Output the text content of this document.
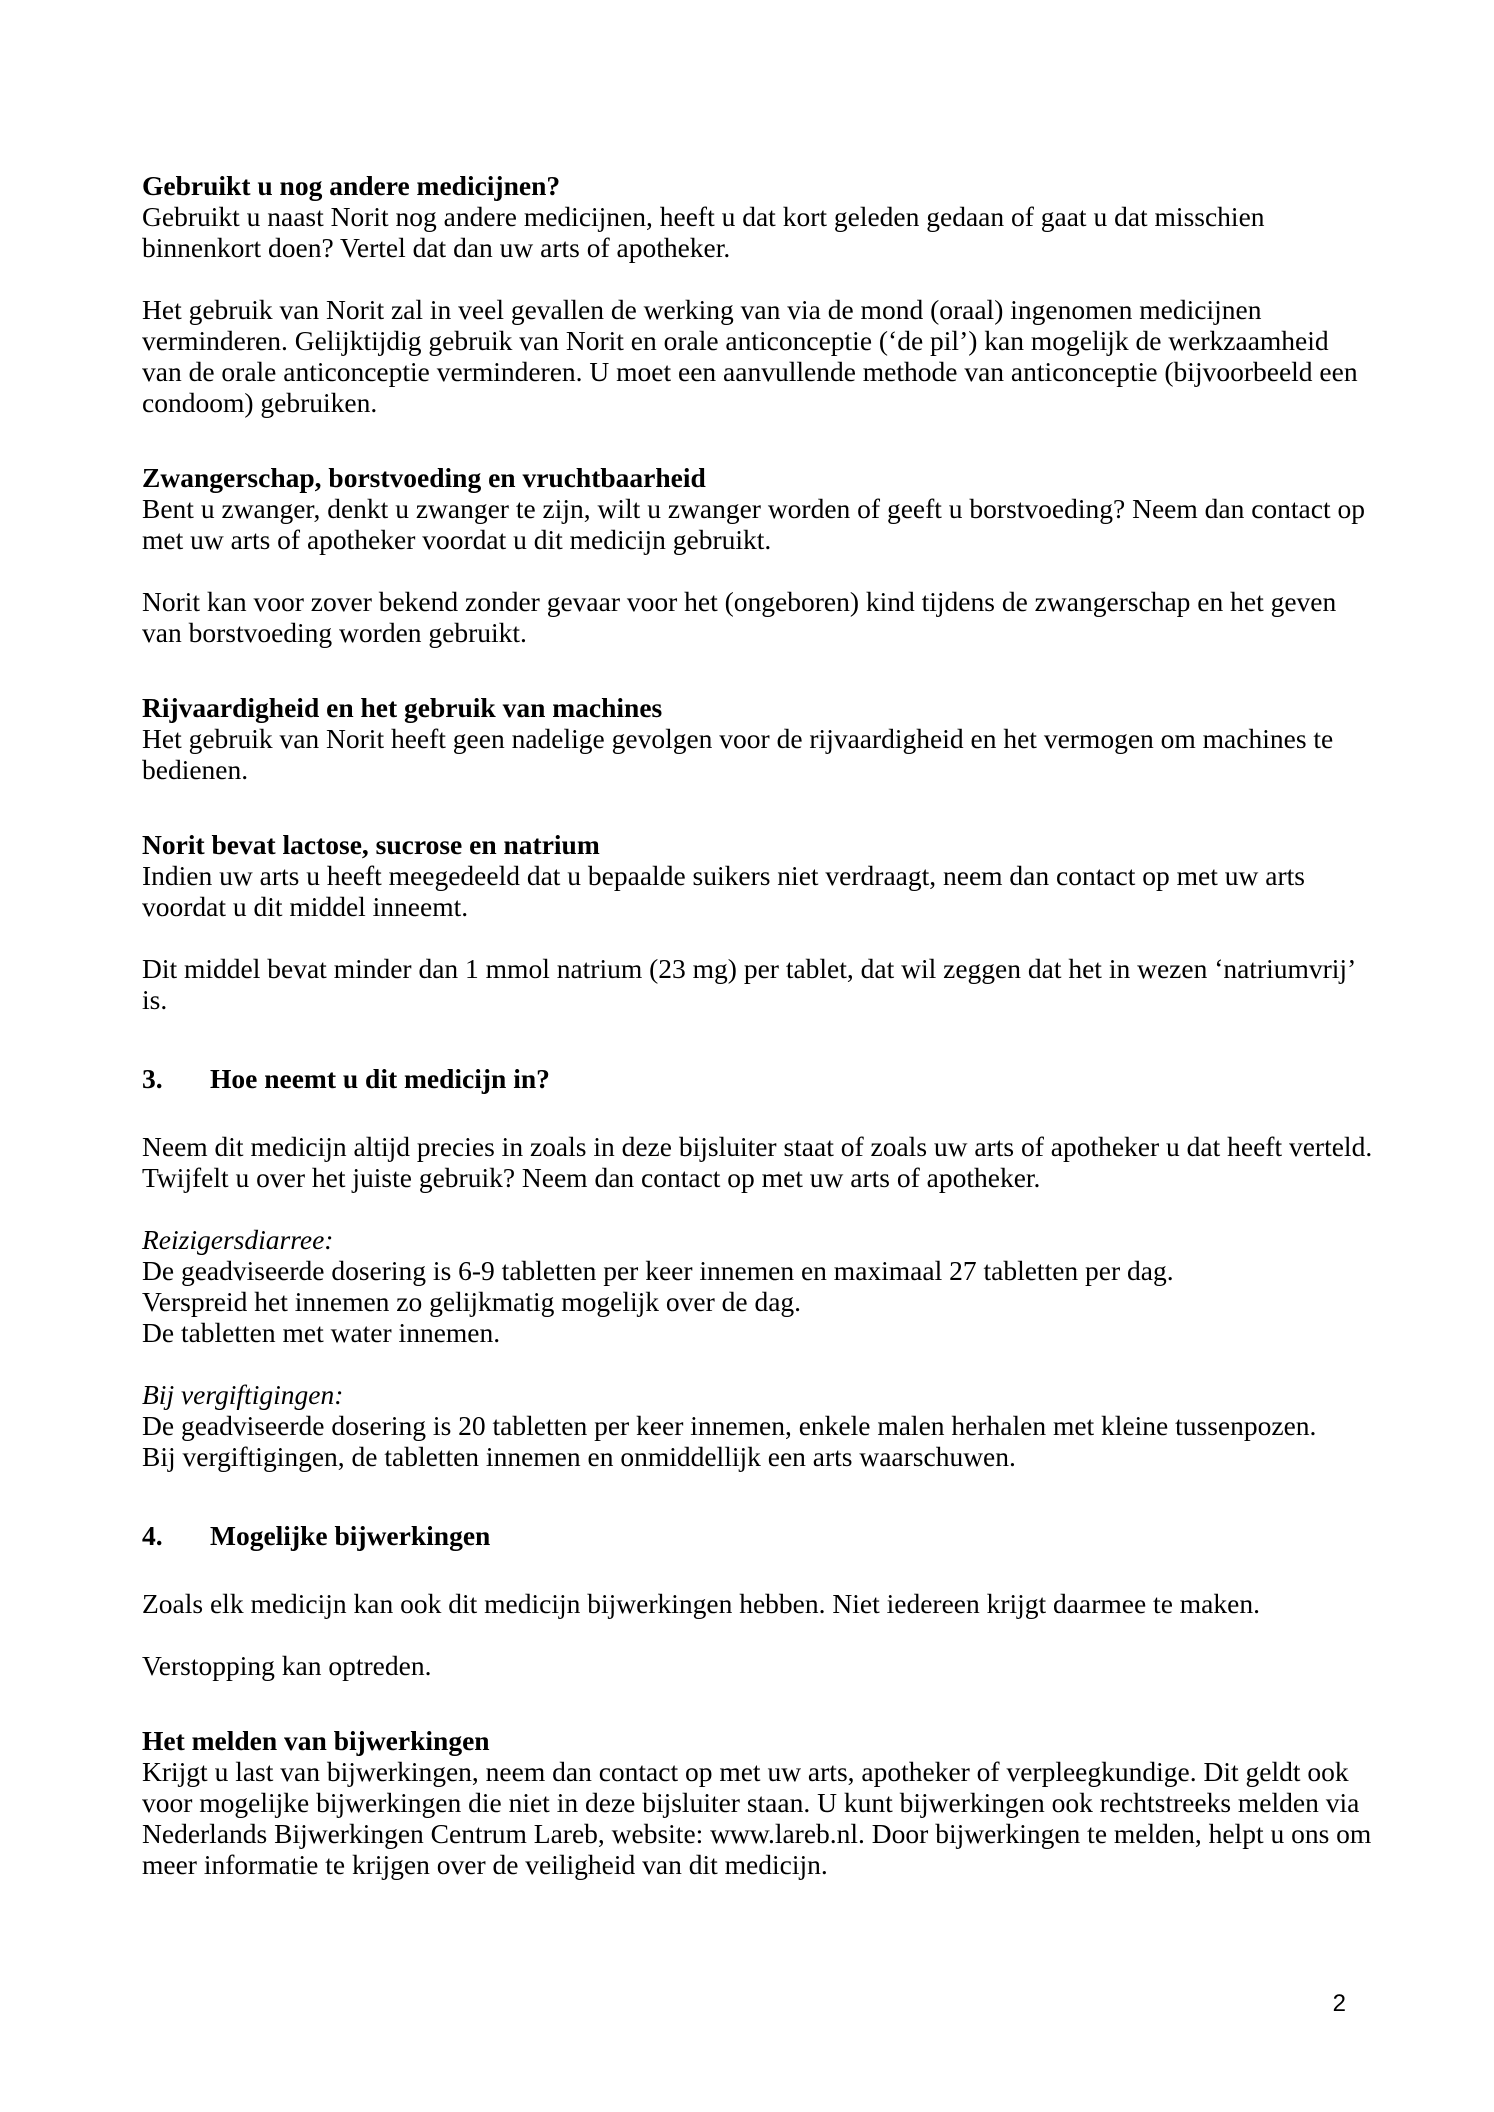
Gebruikt u nog andere medicijnen?

Gebruikt u naast Norit nog andere medicijnen, heeft u dat kort geleden gedaan of gaat u dat misschien binnenkort doen? Vertel dat dan uw arts of apotheker.

Het gebruik van Norit zal in veel gevallen de werking van via de mond (oraal) ingenomen medicijnen verminderen. Gelijktijdig gebruik van Norit en orale anticonceptie (‘de pil’) kan mogelijk de werkzaamheid van de orale anticonceptie verminderen. U moet een aanvullende methode van anticonceptie (bijvoorbeeld een condoom) gebruiken.

Zwangerschap, borstvoeding en vruchtbaarheid

Bent u zwanger, denkt u zwanger te zijn, wilt u zwanger worden of geeft u borstvoeding? Neem dan contact op met uw arts of apotheker voordat u dit medicijn gebruikt.

Norit kan voor zover bekend zonder gevaar voor het (ongeboren) kind tijdens de zwangerschap en het geven van borstvoeding worden gebruikt.

Rijvaardigheid en het gebruik van machines

Het gebruik van Norit heeft geen nadelige gevolgen voor de rijvaardigheid en het vermogen om machines te bedienen.

Norit bevat lactose, sucrose en natrium

Indien uw arts u heeft meegedeeld dat u bepaalde suikers niet verdraagt, neem dan contact op met uw arts voordat u dit middel inneemt.

Dit middel bevat minder dan 1 mmol natrium (23 mg) per tablet, dat wil zeggen dat het in wezen ‘natriumvrij’ is.

3.	Hoe neemt u dit medicijn in?

Neem dit medicijn altijd precies in zoals in deze bijsluiter staat of zoals uw arts of apotheker u dat heeft verteld. Twijfelt u over het juiste gebruik? Neem dan contact op met uw arts of apotheker.

Reizigersdiarree:

De geadviseerde dosering is 6-9 tabletten per keer innemen en maximaal 27 tabletten per dag.

Verspreid het innemen zo gelijkmatig mogelijk over de dag.

De tabletten met water innemen.

Bij vergiftigingen:

De geadviseerde dosering is 20 tabletten per keer innemen, enkele malen herhalen met kleine tussenpozen.

Bij vergiftigingen, de tabletten innemen en onmiddellijk een arts waarschuwen.

4.	Mogelijke bijwerkingen

Zoals elk medicijn kan ook dit medicijn bijwerkingen hebben. Niet iedereen krijgt daarmee te maken.

Verstopping kan optreden.

Het melden van bijwerkingen

Krijgt u last van bijwerkingen, neem dan contact op met uw arts, apotheker of verpleegkundige. Dit geldt ook voor mogelijke bijwerkingen die niet in deze bijsluiter staan. U kunt bijwerkingen ook rechtstreeks melden via Nederlands Bijwerkingen Centrum Lareb, website: www.lareb.nl. Door bijwerkingen te melden, helpt u ons om meer informatie te krijgen over de veiligheid van dit medicijn.

2
